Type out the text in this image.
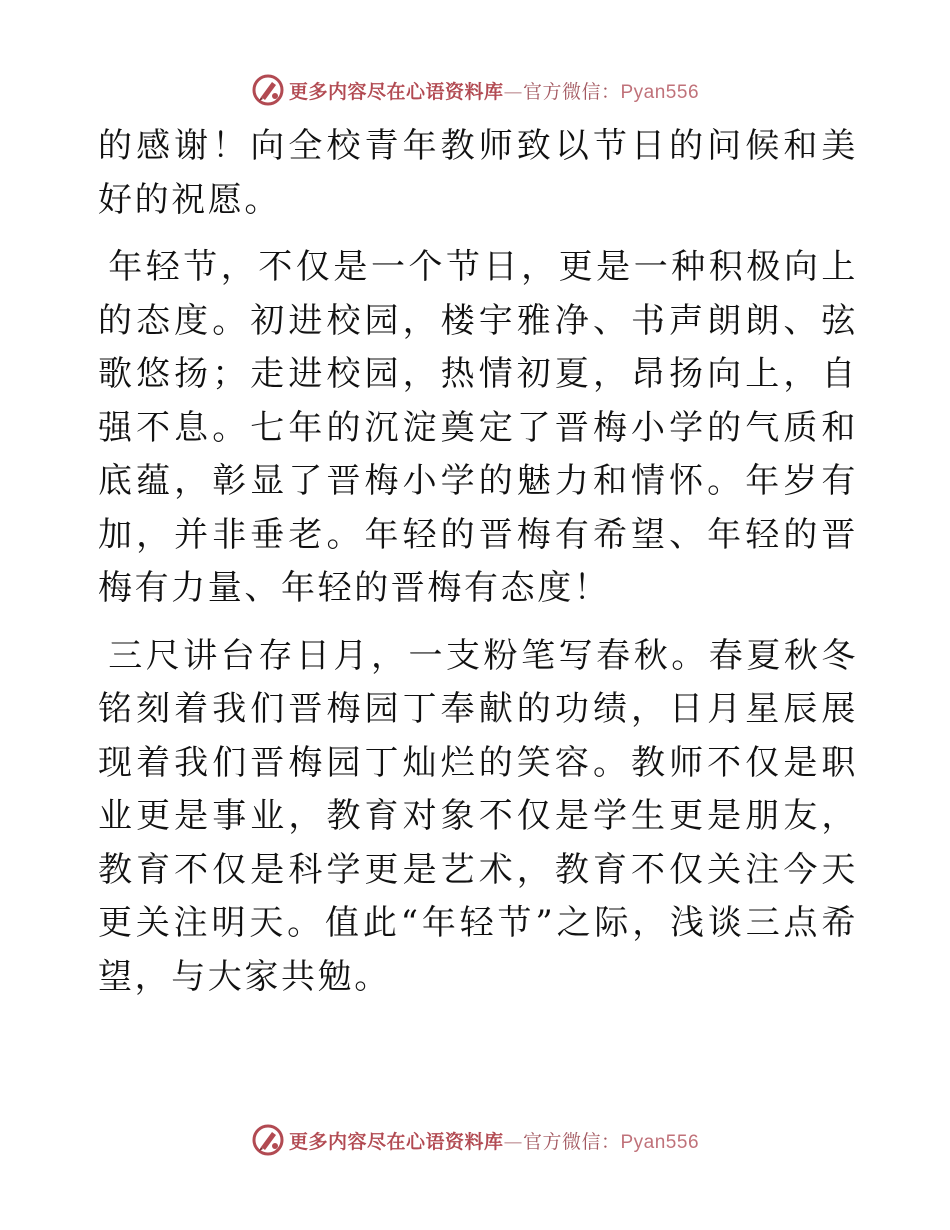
更多内容尽在心语资料库—官方微信：Pyan556

的感谢！向全校青年教师致以节日的问候和美好的祝愿。

年轻节，不仅是一个节日，更是一种积极向上的态度。初进校园，楼宇雅净、书声朗朗、弦歌悠扬；走进校园，热情初夏，昂扬向上，自强不息。七年的沉淀奠定了晋梅小学的气质和底蕴，彰显了晋梅小学的魅力和情怀。年岁有加，并非垂老。年轻的晋梅有希望、年轻的晋梅有力量、年轻的晋梅有态度！

三尺讲台存日月，一支粉笔写春秋。春夏秋冬铭刻着我们晋梅园丁奉献的功绩，日月星辰展现着我们晋梅园丁灿烂的笑容。教师不仅是职业更是事业，教育对象不仅是学生更是朋友，教育不仅是科学更是艺术，教育不仅关注今天更关注明天。值此“年轻节”之际，浅谈三点希望，与大家共勉。

更多内容尽在心语资料库—官方微信：Pyan556
